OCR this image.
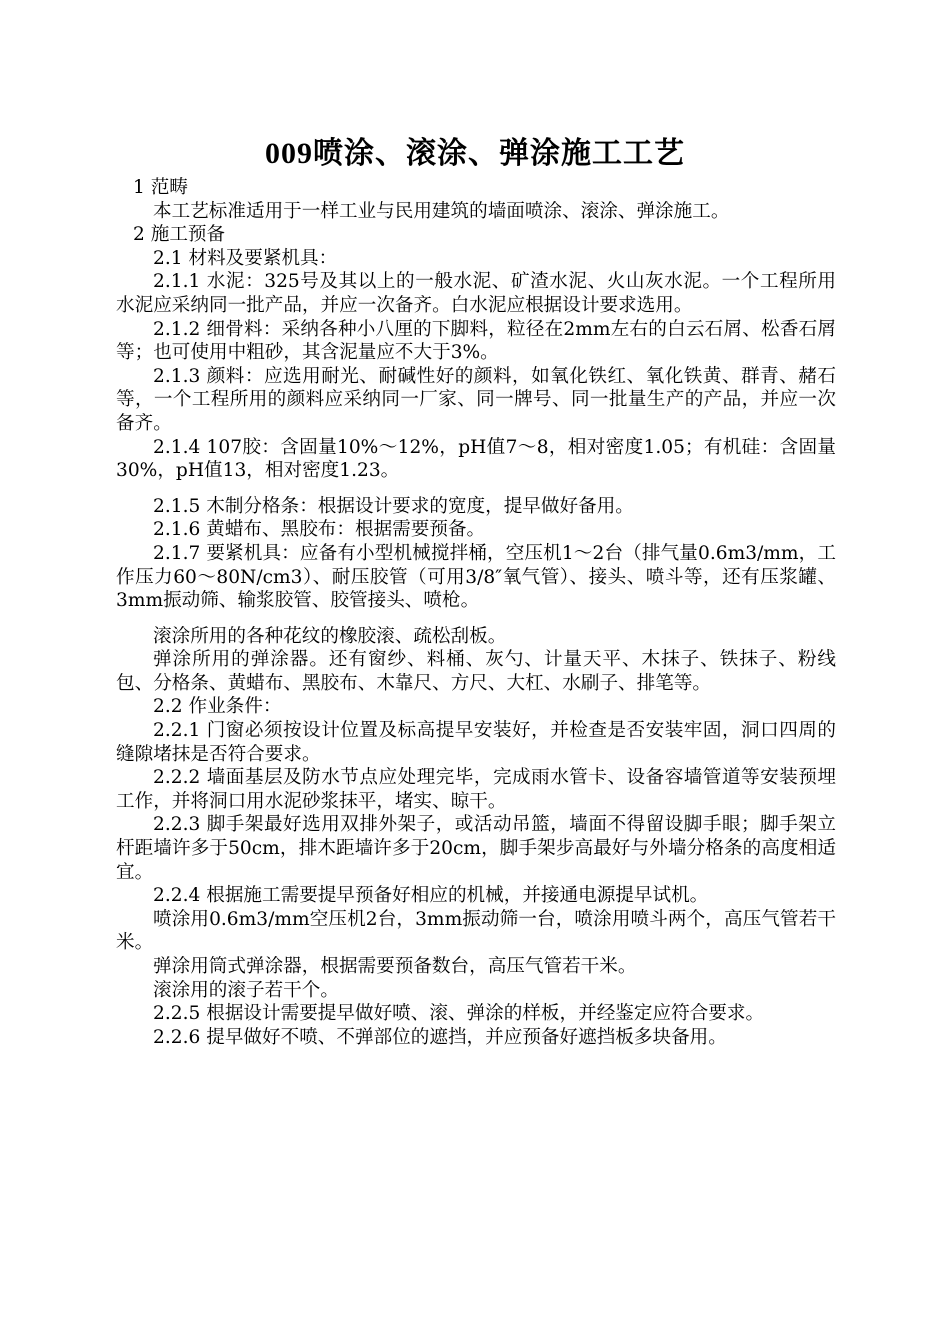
009喷涂、滚涂、弹涂施工工艺

1 范畴

本工艺标准适用于一样工业与民用建筑的墙面喷涂、滚涂、弹涂施工。

2 施工预备

2.1 材料及要紧机具：

2.1.1 水泥：325号及其以上的一般水泥、矿渣水泥、火山灰水泥。一个工程所用水泥应采纳同一批产品，并应一次备齐。白水泥应根据设计要求选用。

2.1.2 细骨料：采纳各种小八厘的下脚料，粒径在2mm左右的白云石屑、松香石屑等；也可使用中粗砂，其含泥量应不大于3%。

2.1.3 颜料：应选用耐光、耐碱性好的颜料，如氧化铁红、氧化铁黄、群青、赭石等，一个工程所用的颜料应采纳同一厂家、同一牌号、同一批量生产的产品，并应一次备齐。

2.1.4 107胶：含固量10%～12%，pH值7～8，相对密度1.05；有机硅：含固量30%，pH值13，相对密度1.23。

2.1.5 木制分格条：根据设计要求的宽度，提早做好备用。

2.1.6 黄蜡布、黑胶布：根据需要预备。

2.1.7 要紧机具：应备有小型机械搅拌桶，空压机1～2台（排气量0.6m3/mm，工作压力60～80N/cm3）、耐压胶管（可用3/8″氧气管）、接头、喷斗等，还有压浆罐、 3mm振动筛、输浆胶管、胶管接头、喷枪。

滚涂所用的各种花纹的橡胶滚、疏松刮板。

弹涂所用的弹涂器。还有窗纱、料桶、灰勺、计量天平、木抹子、铁抹子、粉线包、分格条、黄蜡布、黑胶布、木靠尺、方尺、大杠、水刷子、排笔等。

2.2 作业条件：

2.2.1 门窗必须按设计位置及标高提早安装好，并检查是否安装牢固，洞口四周的缝隙堵抹是否符合要求。

2.2.2 墙面基层及防水节点应处理完毕，完成雨水管卡、设备容墙管道等安装预埋工作，并将洞口用水泥砂浆抹平，堵实、晾干。

2.2.3 脚手架最好选用双排外架子，或活动吊篮，墙面不得留设脚手眼；脚手架立杆距墙许多于50cm，排木距墙许多于20cm，脚手架步高最好与外墙分格条的高度相适宜。

2.2.4 根据施工需要提早预备好相应的机械，并接通电源提早试机。

喷涂用0.6m3/mm空压机2台，3mm振动筛一台，喷涂用喷斗两个，高压气管若干米。

弹涂用筒式弹涂器，根据需要预备数台，高压气管若干米。

滚涂用的滚子若干个。

2.2.5 根据设计需要提早做好喷、滚、弹涂的样板，并经鉴定应符合要求。

2.2.6 提早做好不喷、不弹部位的遮挡，并应预备好遮挡板多块备用。
